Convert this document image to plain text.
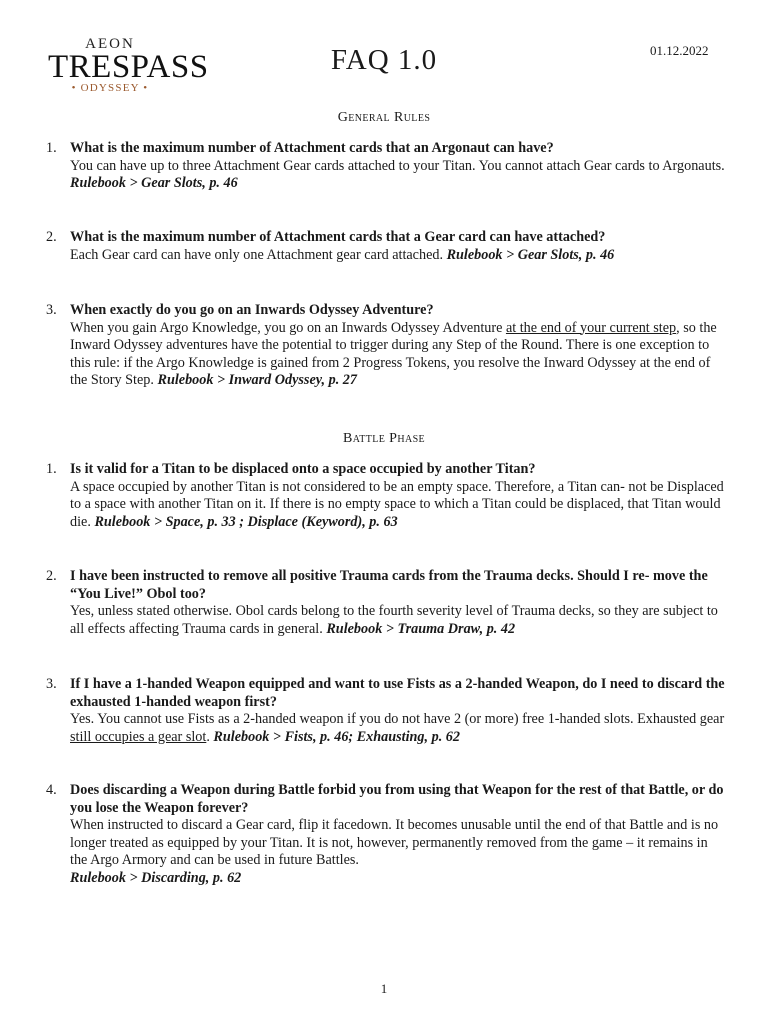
AEON
TRESPASS
• ODYSSEY •
FAQ 1.0	01.12.2022
General Rules
1. What is the maximum number of Attachment cards that an Argonaut can have?
You can have up to three Attachment Gear cards attached to your Titan. You cannot attach Gear cards to Argonauts. Rulebook > Gear Slots, p. 46
2. What is the maximum number of Attachment cards that a Gear card can have attached?
Each Gear card can have only one Attachment gear card attached. Rulebook > Gear Slots, p. 46
3. When exactly do you go on an Inwards Odyssey Adventure?
When you gain Argo Knowledge, you go on an Inwards Odyssey Adventure at the end of your current step, so the Inward Odyssey adventures have the potential to trigger during any Step of the Round. There is one exception to this rule: if the Argo Knowledge is gained from 2 Progress Tokens, you resolve the Inward Odyssey at the end of the Story Step. Rulebook > Inward Odyssey, p. 27
Battle Phase
1. Is it valid for a Titan to be displaced onto a space occupied by another Titan?
A space occupied by another Titan is not considered to be an empty space. Therefore, a Titan can- not be Displaced to a space with another Titan on it. If there is no empty space to which a Titan could be displaced, that Titan would die. Rulebook > Space, p. 33 ; Displace (Keyword), p. 63
2. I have been instructed to remove all positive Trauma cards from the Trauma decks. Should I re- move the “You Live!” Obol too?
Yes, unless stated otherwise. Obol cards belong to the fourth severity level of Trauma decks, so they are subject to all effects affecting Trauma cards in general. Rulebook > Trauma Draw, p. 42
3. If I have a 1-handed Weapon equipped and want to use Fists as a 2-handed Weapon, do I need to discard the exhausted 1-handed weapon first?
Yes. You cannot use Fists as a 2-handed weapon if you do not have 2 (or more) free 1-handed slots. Exhausted gear still occupies a gear slot. Rulebook > Fists, p. 46; Exhausting, p. 62
4. Does discarding a Weapon during Battle forbid you from using that Weapon for the rest of that Battle, or do you lose the Weapon forever?
When instructed to discard a Gear card, flip it facedown. It becomes unusable until the end of that Battle and is no longer treated as equipped by your Titan. It is not, however, permanently removed from the game – it remains in the Argo Armory and can be used in future Battles.
Rulebook > Discarding, p. 62
1
